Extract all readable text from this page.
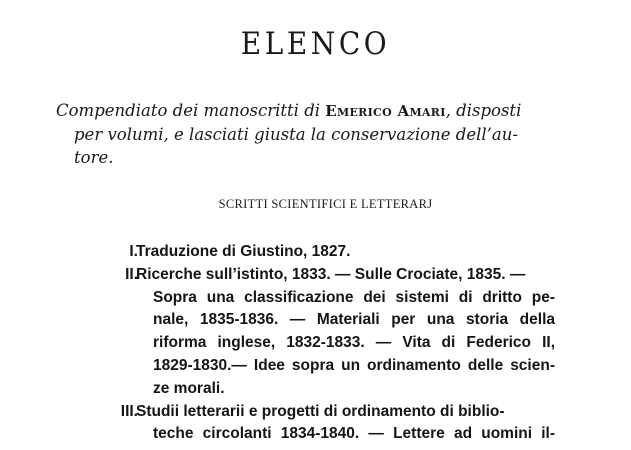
ELENCO
Compendiato dei manoscritti di Emerico Amari, disposti
per volumi, e lasciati giusta la conservazione dell’au-
tore.
SCRITTI SCIENTIFICI E LETTERARJ
I.
Traduzione di Giustino, 1827.
II.
Ricerche sull’istinto, 1833. — Sulle Crociate, 1835. —
Sopra una classificazione dei sistemi di dritto pe-
nale, 1835-1836. — Materiali per una storia della
riforma inglese, 1832-1833. — Vita di Federico II,
1829-1830.— Idee sopra un ordinamento delle scien-
ze morali.
III.
Studii letterarii e progetti di ordinamento di biblio-
teche circolanti 1834-1840. — Lettere ad uomini il-
